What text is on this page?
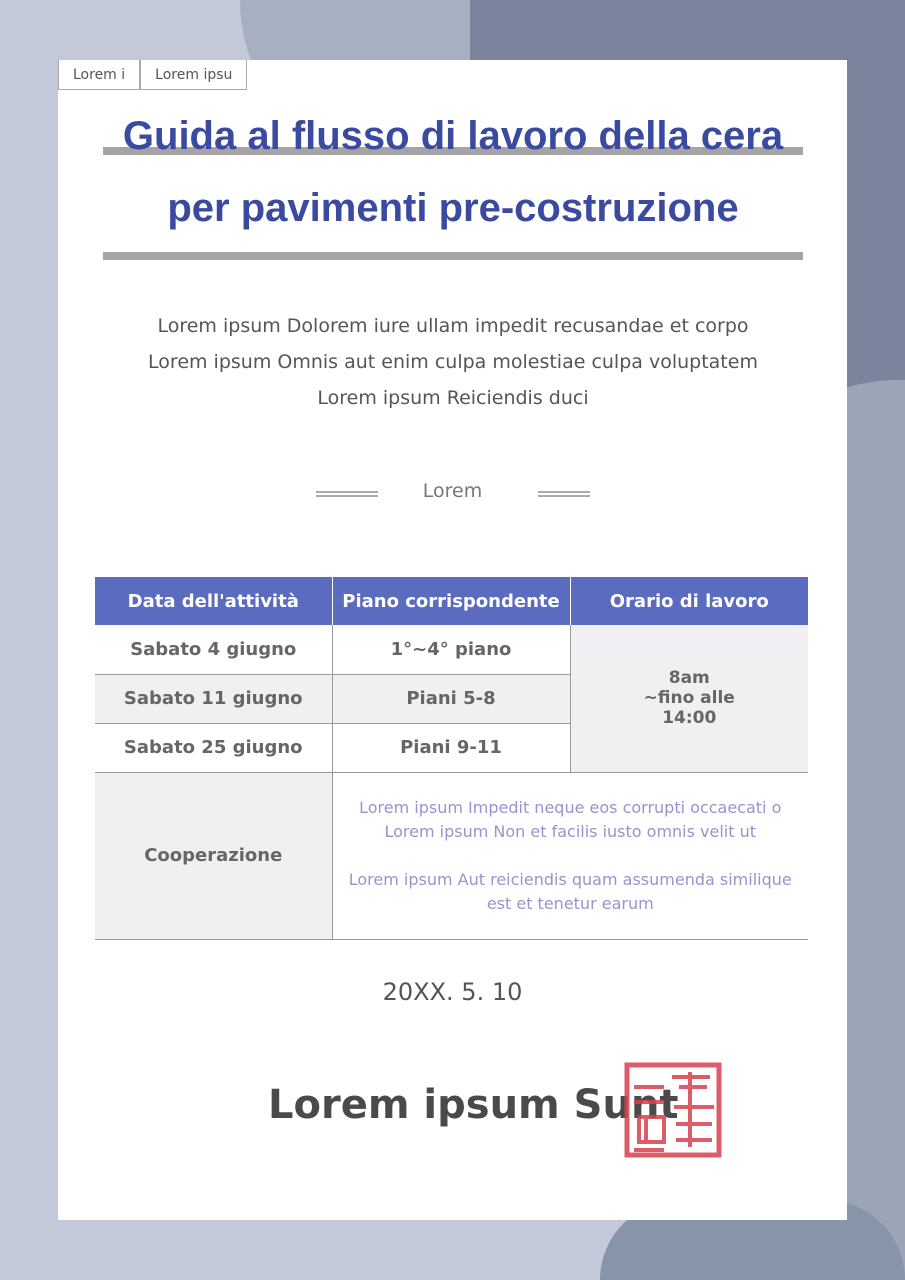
Lorem i	Lorem ipsu
Guida al flusso di lavoro della cera per pavimenti pre-costruzione
Lorem ipsum Dolorem iure ullam impedit recusandae et corpo
Lorem ipsum Omnis aut enim culpa molestiae culpa voluptatem
Lorem ipsum Reiciendis duci
Lorem
Data dell'attività	Piano corrispondente	Orario di lavoro
Sabato 4 giugno	1°~4° piano	8am
~fino alle
14:00

Sabato 11 giugno	Piani 5-8	
Sabato 25 giugno	Piani 9-11	
Cooperazione	Lorem ipsum Impedit neque eos corrupti occaecati o Lorem ipsum Non et facilis iusto omnis velit ut
Lorem ipsum Aut reiciendis quam assumenda similique est et tenetur earum	
20XX. 5. 10
Lorem ipsum Sunt
